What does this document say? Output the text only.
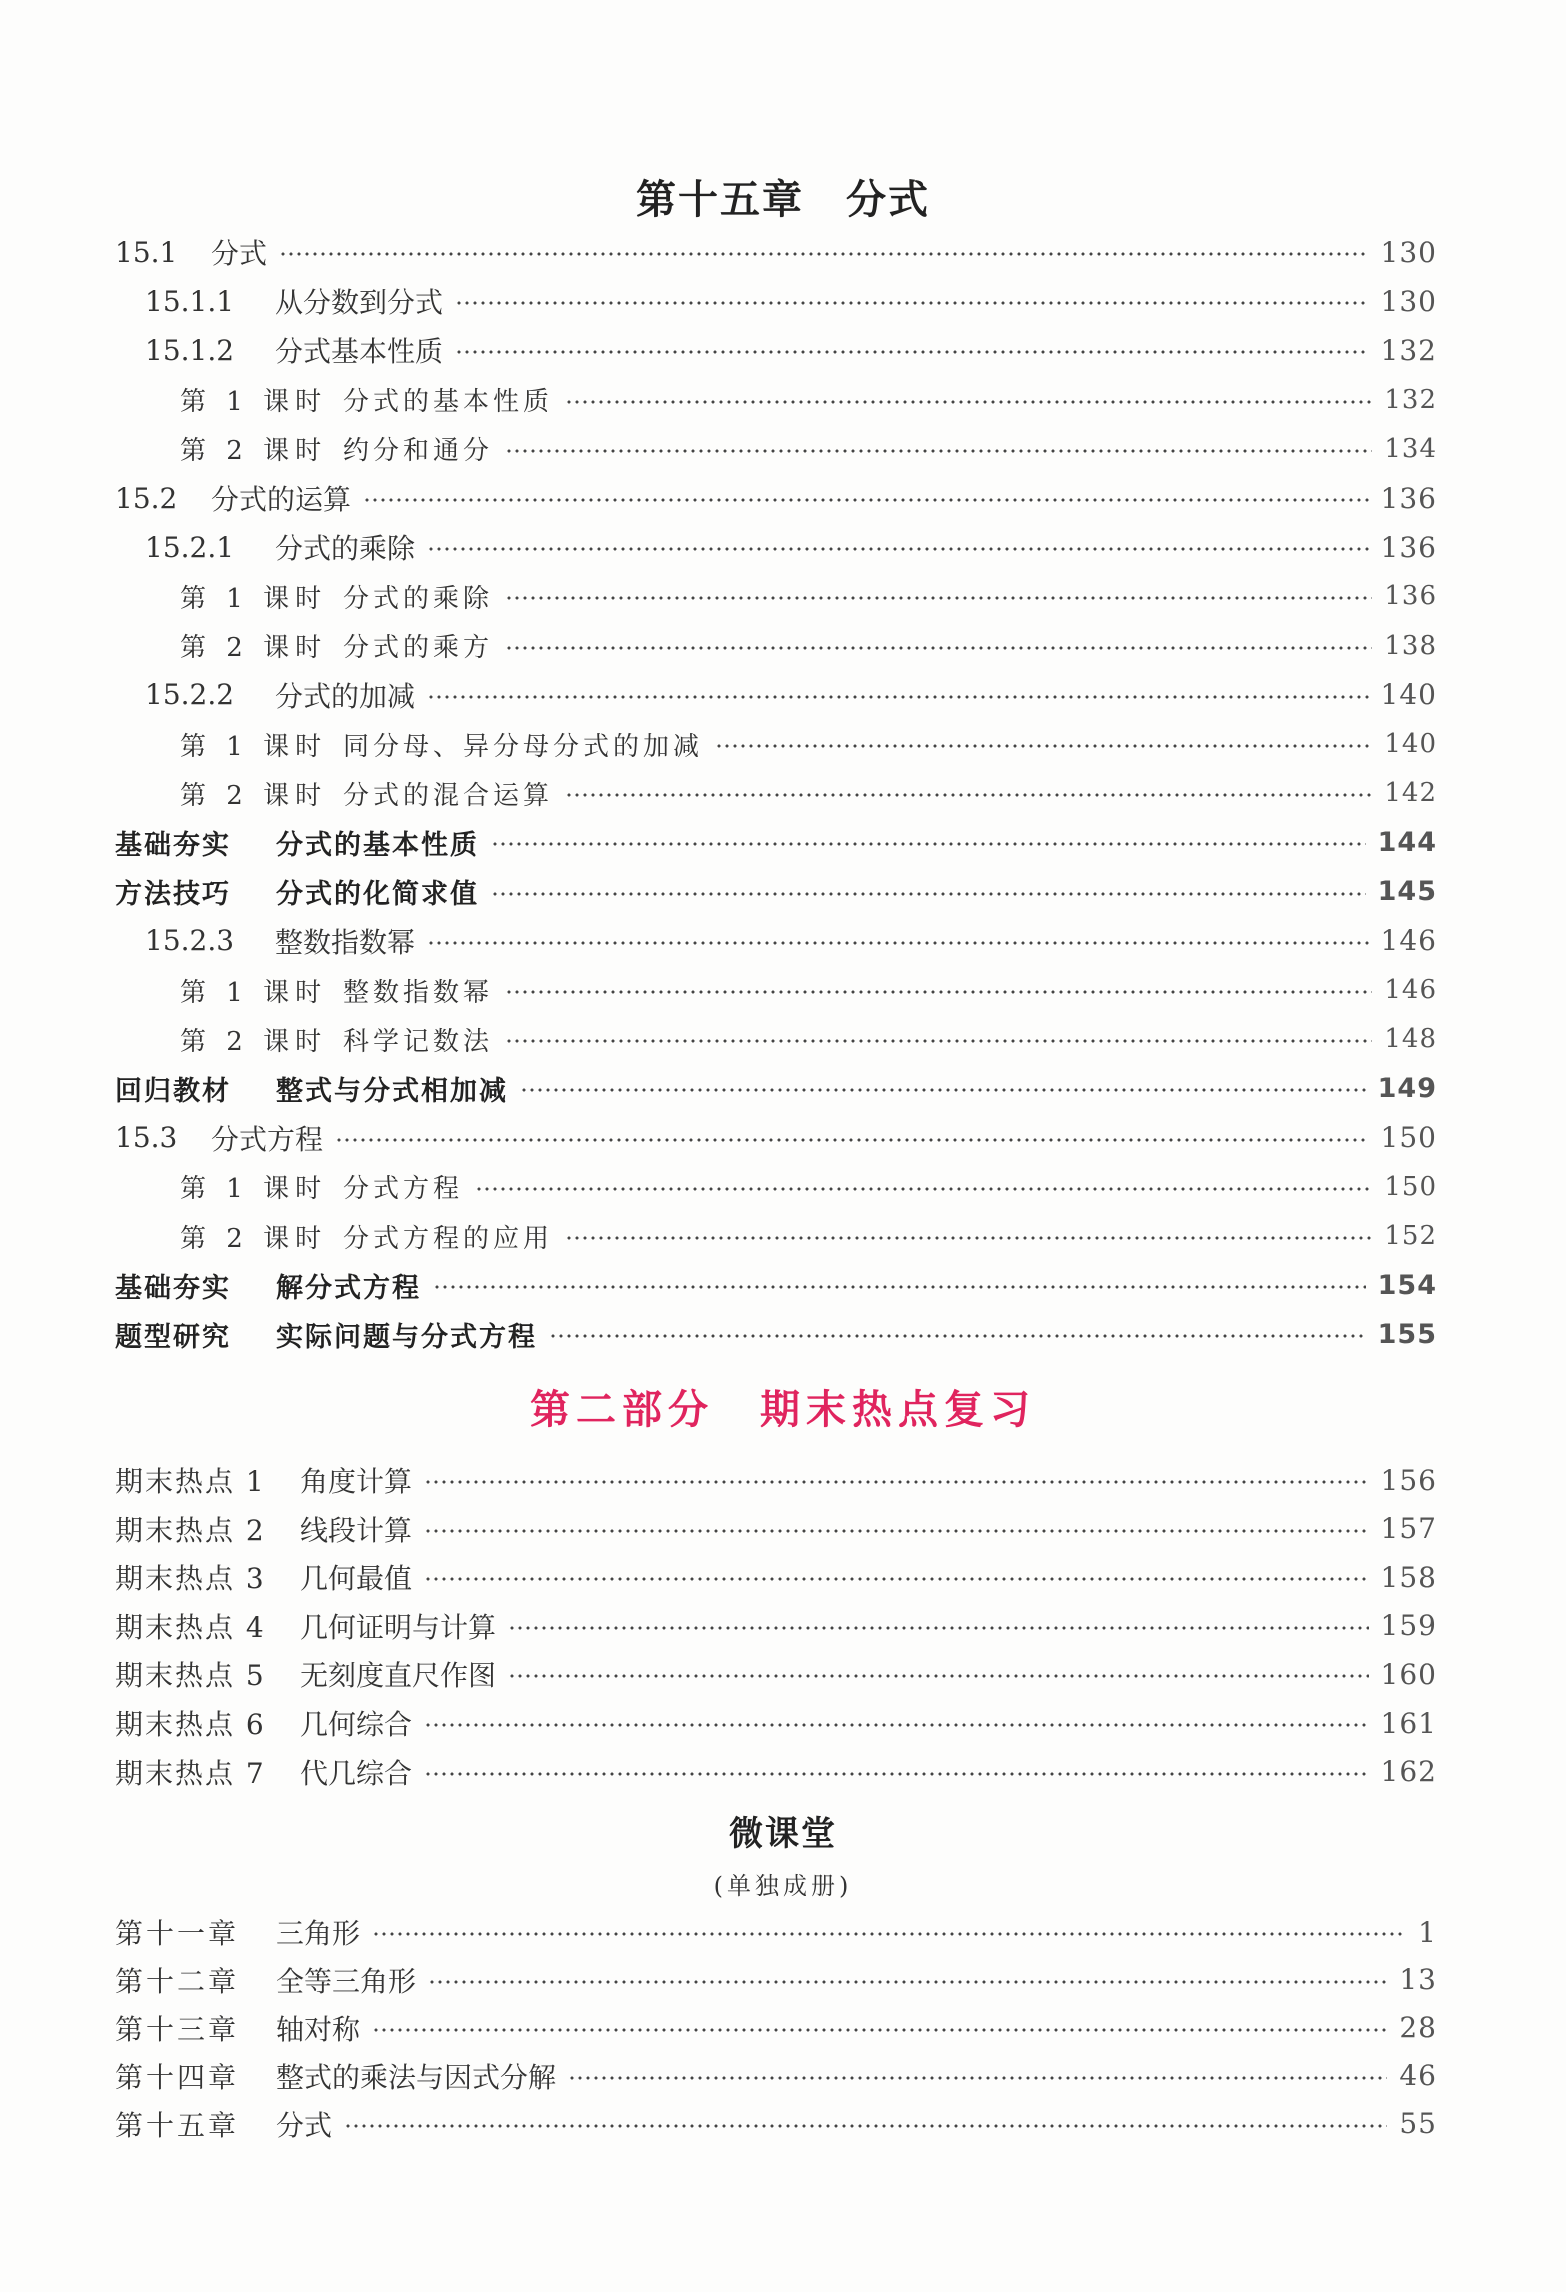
第十五章　分式
15.1	分式	130
15.1.1	从分数到分式	130
15.1.2	分式基本性质	132
第 1 课时 分式的基本性质	132
第 2 课时 约分和通分	134
15.2	分式的运算	136
15.2.1	分式的乘除	136
第 1 课时 分式的乘除	136
第 2 课时 分式的乘方	138
15.2.2	分式的加减	140
第 1 课时 同分母、异分母分式的加减	140
第 2 课时 分式的混合运算	142
基础夯实	分式的基本性质	144
方法技巧	分式的化简求值	145
15.2.3	整数指数幂	146
第 1 课时 整数指数幂	146
第 2 课时 科学记数法	148
回归教材	整式与分式相加减	149
15.3	分式方程	150
第 1 课时 分式方程	150
第 2 课时 分式方程的应用	152
基础夯实	解分式方程	154
题型研究	实际问题与分式方程	155
第二部分　期末热点复习
期末热点 1	角度计算	156
期末热点 2	线段计算	157
期末热点 3	几何最值	158
期末热点 4	几何证明与计算	159
期末热点 5	无刻度直尺作图	160
期末热点 6	几何综合	161
期末热点 7	代几综合	162
微课堂
(单独成册)
第十一章	三角形	1
第十二章	全等三角形	13
第十三章	轴对称	28
第十四章	整式的乘法与因式分解	46
第十五章	分式	55
